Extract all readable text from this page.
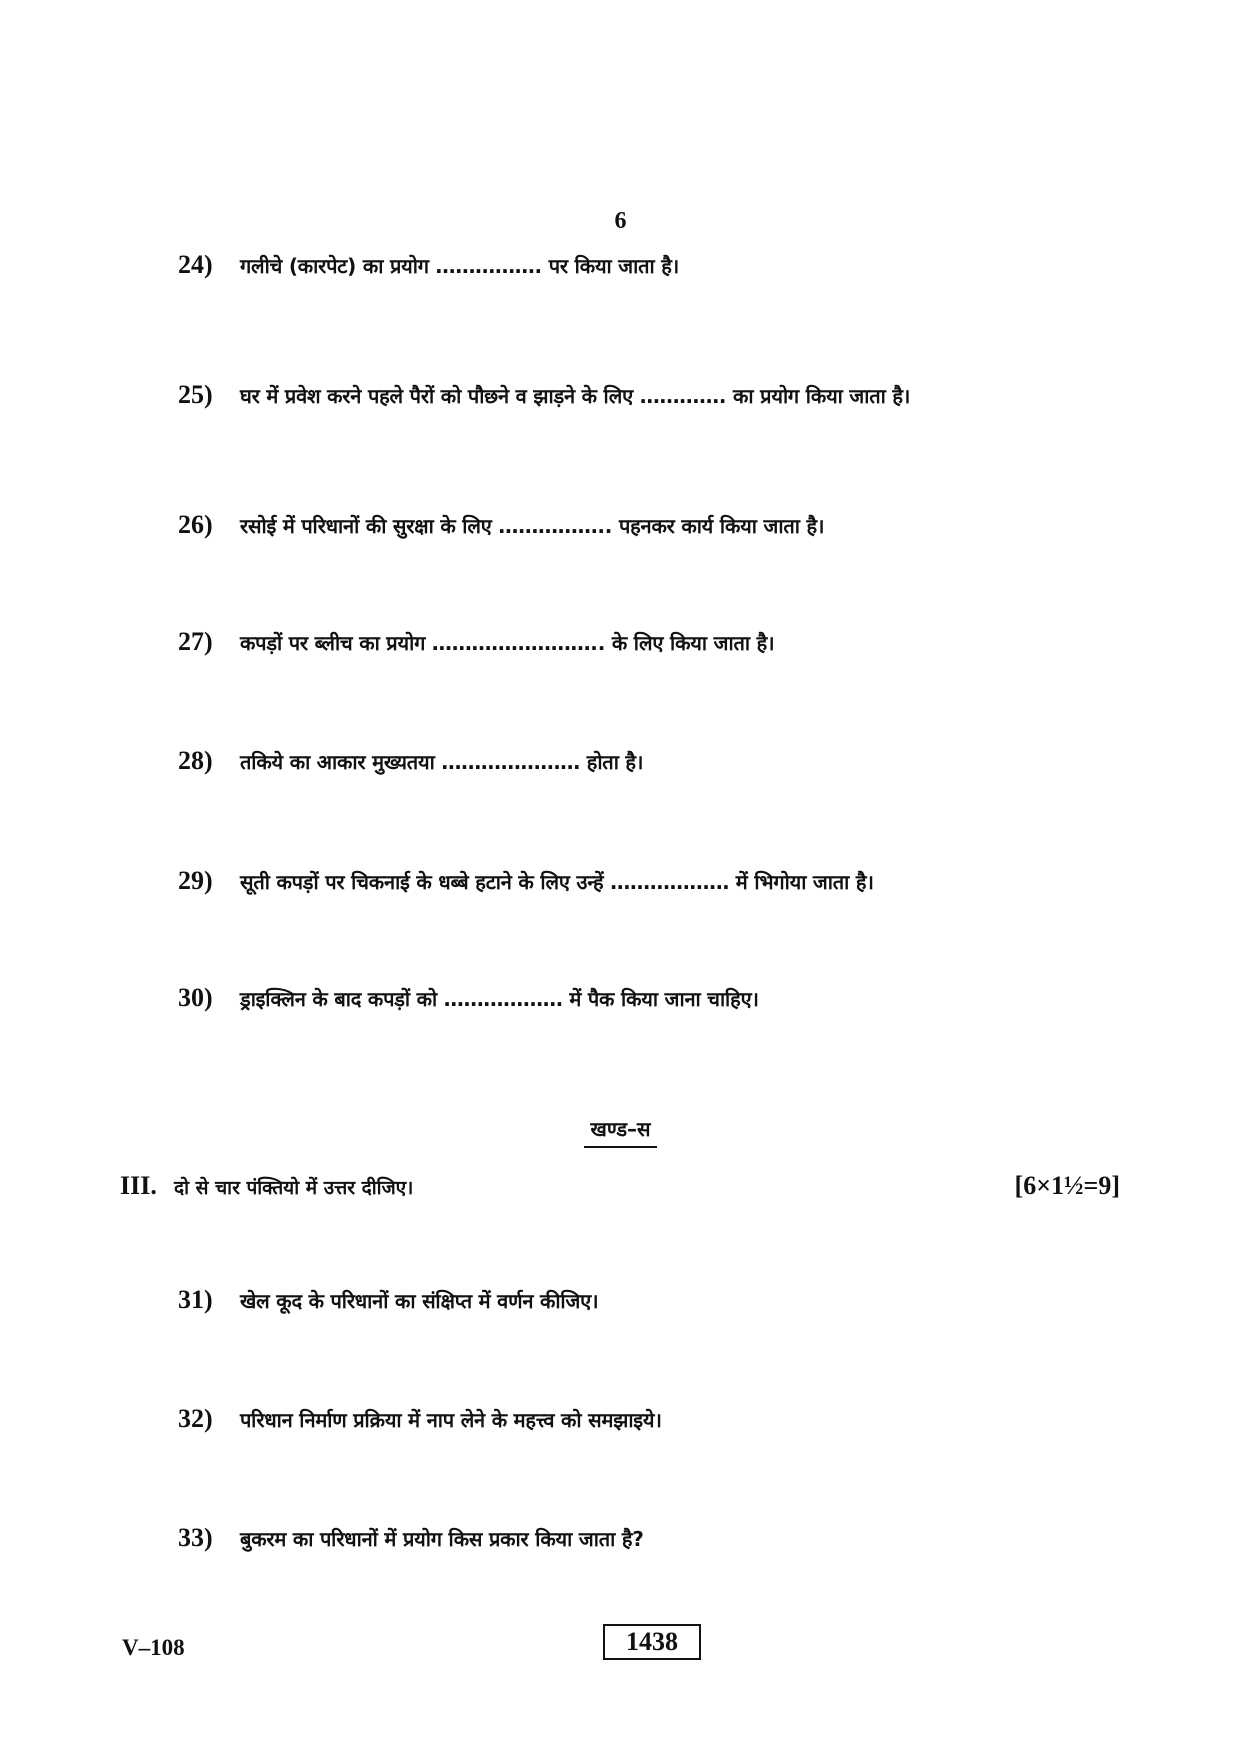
6
24)	गलीचे (कारपेट) का प्रयोग ……………. पर किया जाता है।
25)	घर में प्रवेश करने पहले पैरों को पौछने व झाड़ने के लिए …………. का प्रयोग किया जाता है।
26)	रसोई में परिधानों की सुरक्षा के लिए …………….. पहनकर कार्य किया जाता है।
27)	कपड़ों पर ब्लीच का प्रयोग …………………….. के लिए किया जाता है।
28)	तकिये का आकार मुख्यतया ………………… होता है।
29)	सूती कपड़ों पर चिकनाई के धब्बे हटाने के लिए उन्हें ……………… में भिगोया जाता है।
30)	ड्राइक्लिन के बाद कपड़ों को ……………… में पैक किया जाना चाहिए।
खण्ड–स
III. दो से चार पंक्तियो में उत्तर दीजिए।	[6×1½=9]
31)	खेल कूद के परिधानों का संक्षिप्त में वर्णन कीजिए।
32)	परिधान निर्माण प्रक्रिया में नाप लेने के महत्त्व को समझाइये।
33)	बुकरम का परिधानों में प्रयोग किस प्रकार किया जाता है?
V–108	1438
